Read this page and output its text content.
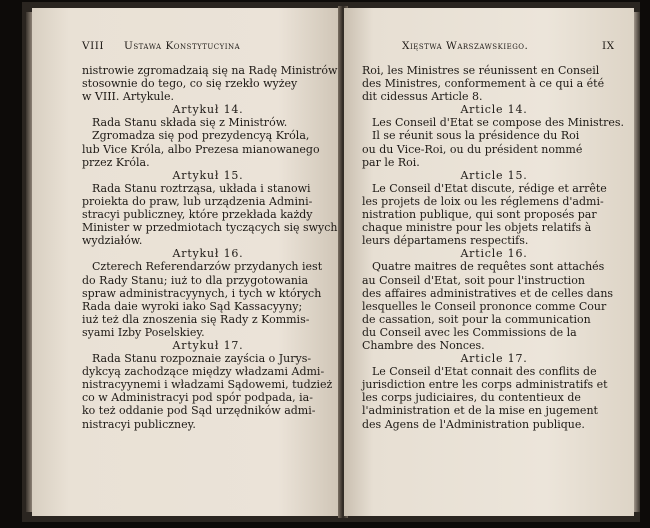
VIII Ustawa Konstytucyina
nistrowie zgromadzaią się na Radę Ministrów
stosownie do tego, co się rzekło wyżey
w VIII. Artykule.
Artykuł 14.
Rada Stanu składa się z Ministrów.
Zgromadza się pod prezydencyą Króla,
lub Vice Króla, albo Prezesa mianowanego
przez Króla.
Artykuł 15.
Rada Stanu roztrząsa, układa i stanowi
proiekta do praw, lub urządzenia Admini-
stracyi publiczney, które przekłada każdy
Minister w przedmiotach tyczących się swych
wydziałów.
Artykuł 16.
Czterech Referendarzów przydanych iest
do Rady Stanu; iuż to dla przygotowania
spraw administracyynych, i tych w których
Rada daie wyroki iako Sąd Kassacyyny;
iuż też dla znoszenia się Rady z Kommis-
syami Izby Poselskiey.
Artykuł 17.
Rada Stanu rozpoznaie zayścia o Jurys-
dykcyą zachodzące między władzami Admi-
nistracyynemi i władzami Sądowemi, tudzież
co w Administracyi pod spór podpada, ia-
ko też oddanie pod Sąd urzędników admi-
nistracyi publiczney.
Xięstwa Warszawskiego.	IX
Roi, les Ministres se réunissent en Conseil
des Ministres, conformement à ce qui a été
dit cidessus Article 8.
Article 14.
Les Conseil d'Etat se compose des Ministres.
Il se réunit sous la présidence du Roi
ou du Vice-Roi, ou du président nommé
par le Roi.
Article 15.
Le Conseil d'Etat discute, rédige et arrête
les projets de loix ou les réglemens d'admi-
nistration publique, qui sont proposés par
chaque ministre pour les objets relatifs à
leurs départamens respectifs.
Article 16.
Quatre maitres de requêtes sont attachés
au Conseil d'Etat, soit pour l'instruction
des affaires administratives et de celles dans
lesquelles le Conseil prononce comme Cour
de cassation, soit pour la communication
du Conseil avec les Commissions de la
Chambre des Nonces.
Article 17.
Le Conseil d'Etat connait des conflits de
jurisdiction entre les corps administratifs et
les corps judiciaires, du contentieux de
l'administration et de la mise en jugement
des Agens de l'Administration publique.
